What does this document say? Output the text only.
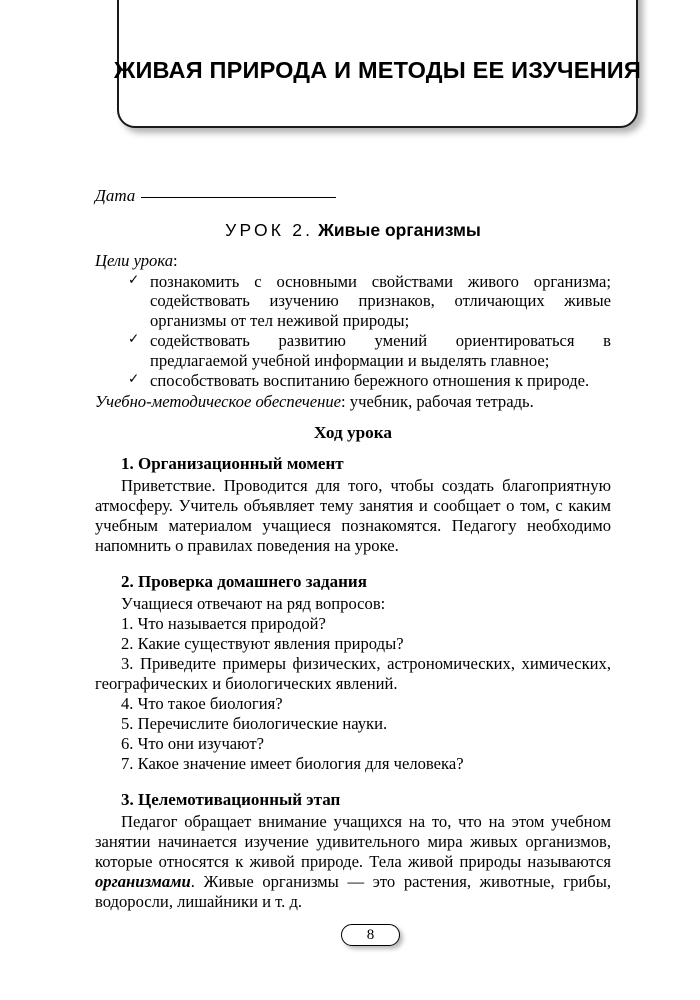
ЖИВАЯ ПРИРОДА И МЕТОДЫ ЕЕ ИЗУЧЕНИЯ
Дата
УРОК 2. Живые организмы
Цели урока:
✓ познакомить с основными свойствами живого организма; содействовать изучению признаков, отличающих живые организмы от тел неживой природы;
✓ содействовать развитию умений ориентироваться в предлагаемой учебной информации и выделять главное;
✓ способствовать воспитанию бережного отношения к природе.
Учебно-методическое обеспечение: учебник, рабочая тетрадь.
Ход урока
1. Организационный момент

Приветствие. Проводится для того, чтобы создать благоприятную атмосферу. Учитель объявляет тему занятия и сообщает о том, с каким учебным материалом учащиеся познакомятся. Педагогу необходимо напомнить о правилах поведения на уроке.

2. Проверка домашнего задания

Учащиеся отвечают на ряд вопросов:

1. Что называется природой?

2. Какие существуют явления природы?

3. Приведите примеры физических, астрономических, химических, географических и биологических явлений.

4. Что такое биология?

5. Перечислите биологические науки.

6. Что они изучают?

7. Какое значение имеет биология для человека?

3. Целемотивационный этап

Педагог обращает внимание учащихся на то, что на этом учебном занятии начинается изучение удивительного мира живых организмов, которые относятся к живой природе. Тела живой природы называются организмами. Живые организмы — это растения, животные, грибы, водоросли, лишайники и т. д.

8
